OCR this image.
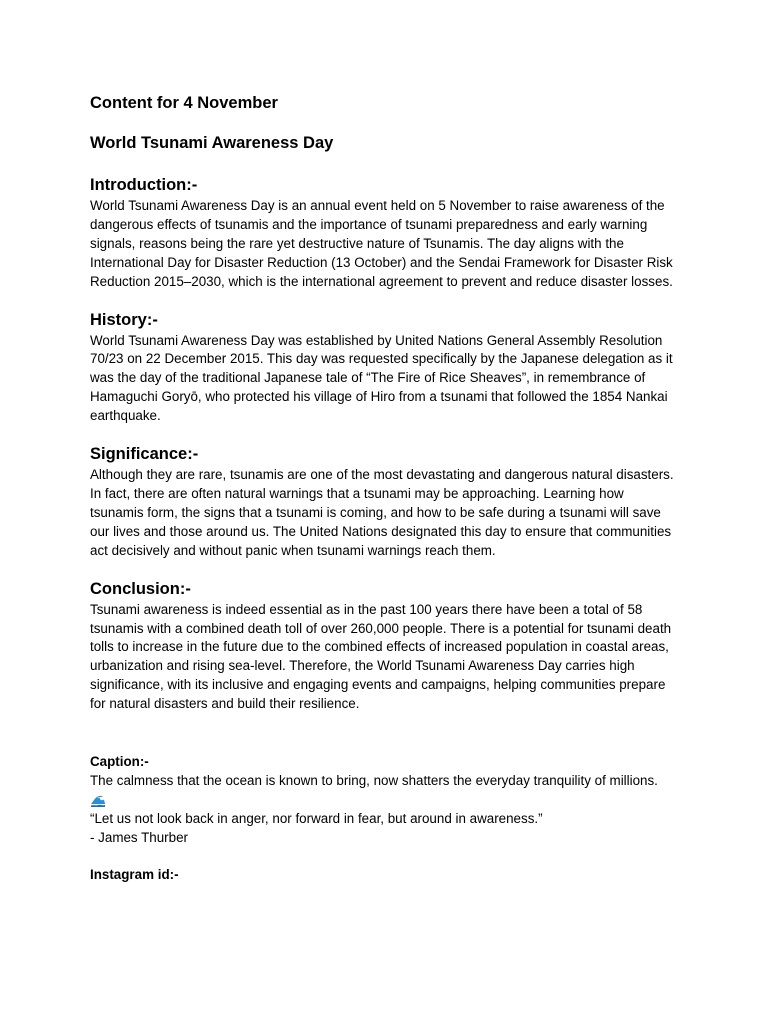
Content for 4 November
World Tsunami Awareness Day
Introduction:-

World Tsunami Awareness Day is an annual event held on 5 November to raise awareness of the dangerous effects of tsunamis and the importance of tsunami preparedness and early warning signals, reasons being the rare yet destructive nature of Tsunamis. The day aligns with the International Day for Disaster Reduction (13 October) and the Sendai Framework for Disaster Risk Reduction 2015–2030, which is the international agreement to prevent and reduce disaster losses.

History:-

World Tsunami Awareness Day was established by United Nations General Assembly Resolution 70/23 on 22 December 2015. This day was requested specifically by the Japanese delegation as it was the day of the traditional Japanese tale of “The Fire of Rice Sheaves”, in remembrance of Hamaguchi Goryō, who protected his village of Hiro from a tsunami that followed the 1854 Nankai earthquake.

Significance:-

Although they are rare, tsunamis are one of the most devastating and dangerous natural disasters. In fact, there are often natural warnings that a tsunami may be approaching. Learning how tsunamis form, the signs that a tsunami is coming, and how to be safe during a tsunami will save our lives and those around us. The United Nations designated this day to ensure that communities act decisively and without panic when tsunami warnings reach them.

Conclusion:-

Tsunami awareness is indeed essential as in the past 100 years there have been a total of 58 tsunamis with a combined death toll of over 260,000 people. There is a potential for tsunami death tolls to increase in the future due to the combined effects of increased population in coastal areas, urbanization and rising sea-level. Therefore, the World Tsunami Awareness Day carries high significance, with its inclusive and engaging events and campaigns, helping communities prepare for natural disasters and build their resilience.

Caption:-

The calmness that the ocean is known to bring, now shatters the everyday tranquility of millions.

“Let us not look back in anger, nor forward in fear, but around in awareness.”

- James Thurber

Instagram id:-
